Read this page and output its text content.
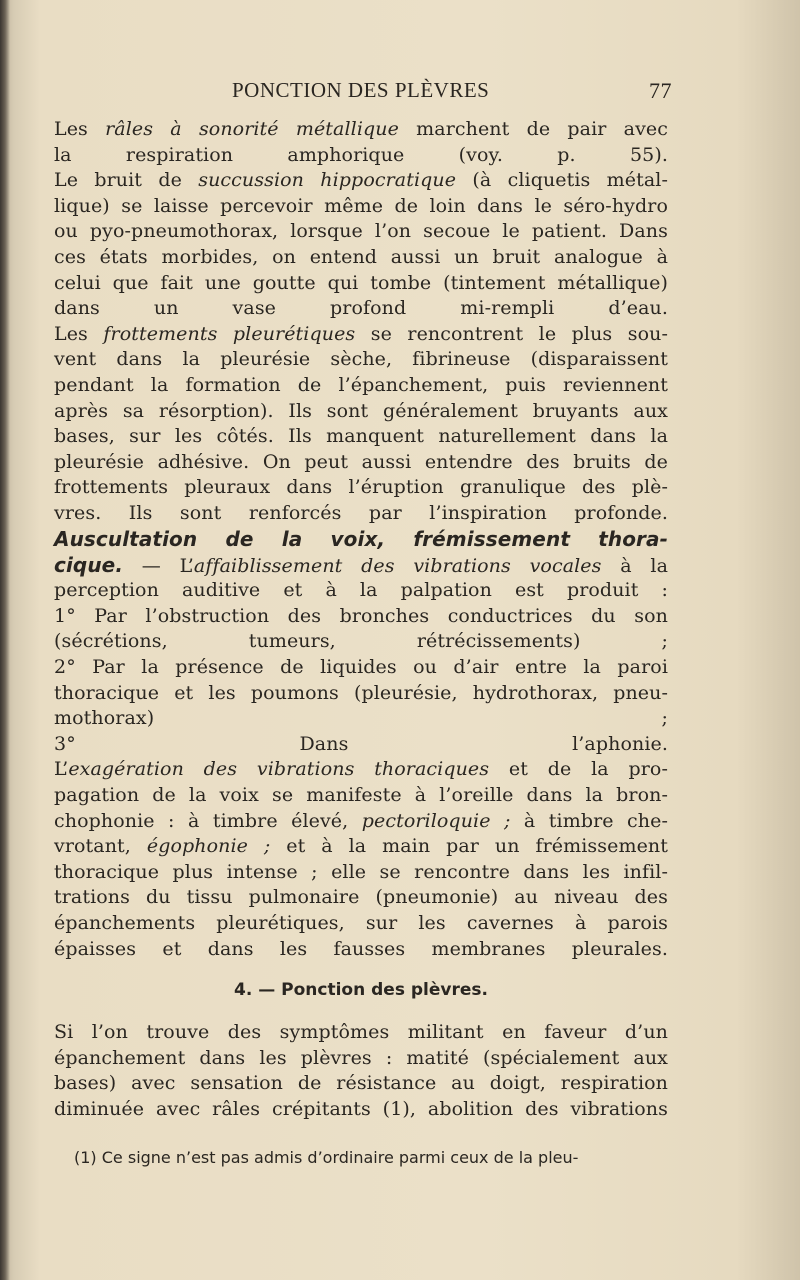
PONCTION DES PLÈVRES	77
Les râles à sonorité métallique marchent de pair avec
la respiration amphorique (voy. p. 55).
Le bruit de succussion hippocratique (à cliquetis métal-
lique) se laisse percevoir même de loin dans le séro-hydro
ou pyo-pneumothorax, lorsque l’on secoue le patient. Dans
ces états morbides, on entend aussi un bruit analogue à
celui que fait une goutte qui tombe (tintement métallique)
dans un vase profond mi-rempli d’eau.
Les frottements pleurétiques se rencontrent le plus sou-
vent dans la pleurésie sèche, fibrineuse (disparaissent
pendant la formation de l’épanchement, puis reviennent
après sa résorption). Ils sont généralement bruyants aux
bases, sur les côtés. Ils manquent naturellement dans la
pleurésie adhésive. On peut aussi entendre des bruits de
frottements pleuraux dans l’éruption granulique des plè-
vres. Ils sont renforcés par l’inspiration profonde.
Auscultation de la voix, frémissement thora-
cique. — L’affaiblissement des vibrations vocales à la
perception auditive et à la palpation est produit :
1° Par l’obstruction des bronches conductrices du son
(sécrétions, tumeurs, rétrécissements) ;
2° Par la présence de liquides ou d’air entre la paroi
thoracique et les poumons (pleurésie, hydrothorax, pneu-
mothorax) ;
3° Dans l’aphonie.
L’exagération des vibrations thoraciques et de la pro-
pagation de la voix se manifeste à l’oreille dans la bron-
chophonie : à timbre élevé, pectoriloquie ; à timbre che-
vrotant, égophonie ; et à la main par un frémissement
thoracique plus intense ; elle se rencontre dans les infil-
trations du tissu pulmonaire (pneumonie) au niveau des
épanchements pleurétiques, sur les cavernes à parois
épaisses et dans les fausses membranes pleurales.
4. — Ponction des plèvres.
Si l’on trouve des symptômes militant en faveur d’un
épanchement dans les plèvres : matité (spécialement aux
bases) avec sensation de résistance au doigt, respiration
diminuée avec râles crépitants (1), abolition des vibrations
(1) Ce signe n’est pas admis d’ordinaire parmi ceux de la pleu-
